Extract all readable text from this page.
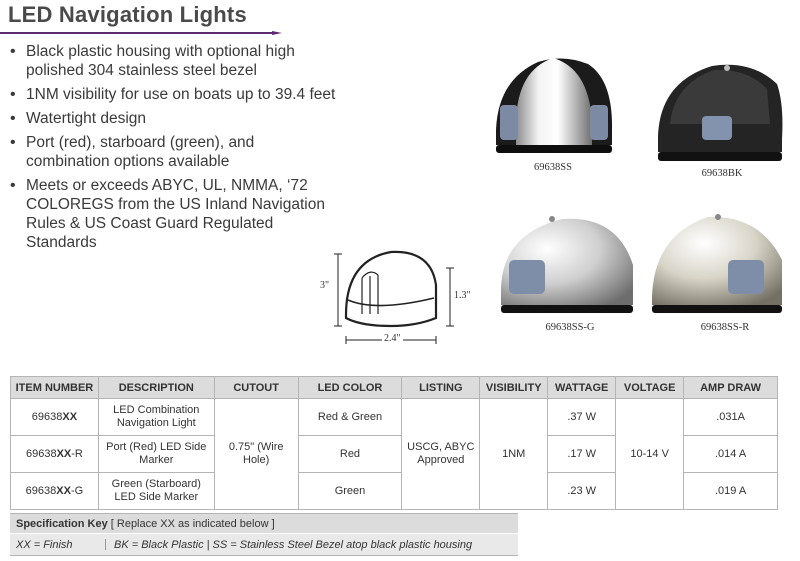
LED Navigation Lights
• Black plastic housing with optional high polished 304 stainless steel bezel
• 1NM visibility for use on boats up to 39.4 feet
• Watertight design
• Port (red), starboard (green), and combination options available
• Meets or exceeds ABYC, UL, NMMA, ‘72 COLOREGS from the US Inland Navigation Rules & US Coast Guard Regulated Standards
69638SS
69638BK
69638SS-G	69638SS-R
3"
1.3"
2.4"
ITEM NUMBER	DESCRIPTION	CUTOUT	LED COLOR	LISTING	VISIBILITY	WATTAGE	VOLTAGE	AMP DRAW
69638XX	LED Combination Navigation Light	0.75" (Wire Hole)	Red & Green	USCG, ABYC Approved	1NM	.37 W	10-14 V	.031A
69638XX-R	Port (Red) LED Side Marker		Red			.17 W		.014 A
69638XX-G	Green (Starboard) LED Side Marker		Green			.23 W		.019 A
Specification Key [ Replace XX as indicated below ]
XX = Finish	BK = Black Plastic | SS = Stainless Steel Bezel atop black plastic housing
